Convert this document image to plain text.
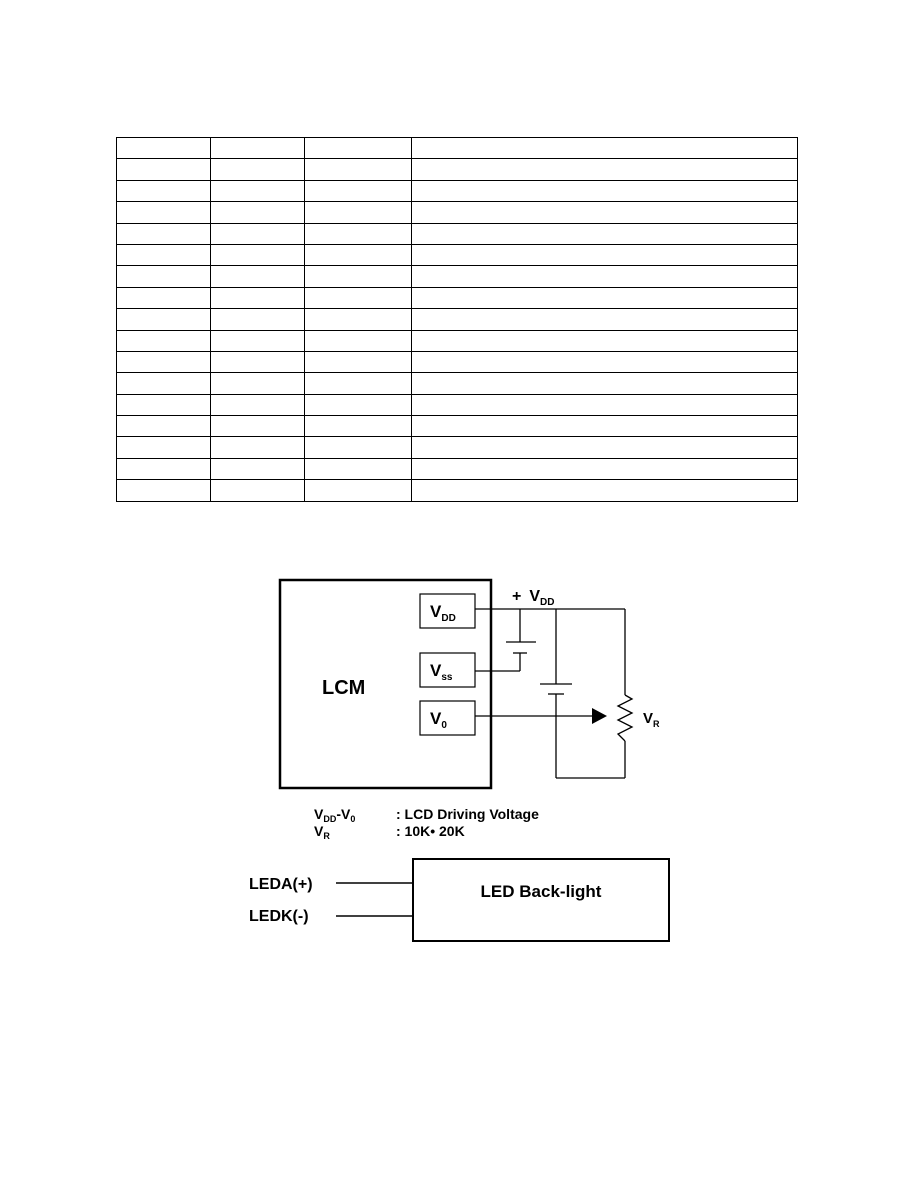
LCM
$V_{DD}$
$V_{ss}$
$V_0$
+ $V_{DD}$
$V_R$
$V_{DD}-V_0$	: LCD Driving Voltage
$V_R$	: 10K• 20K
LEDA(+)
LEDK(-)
LED Back-light
